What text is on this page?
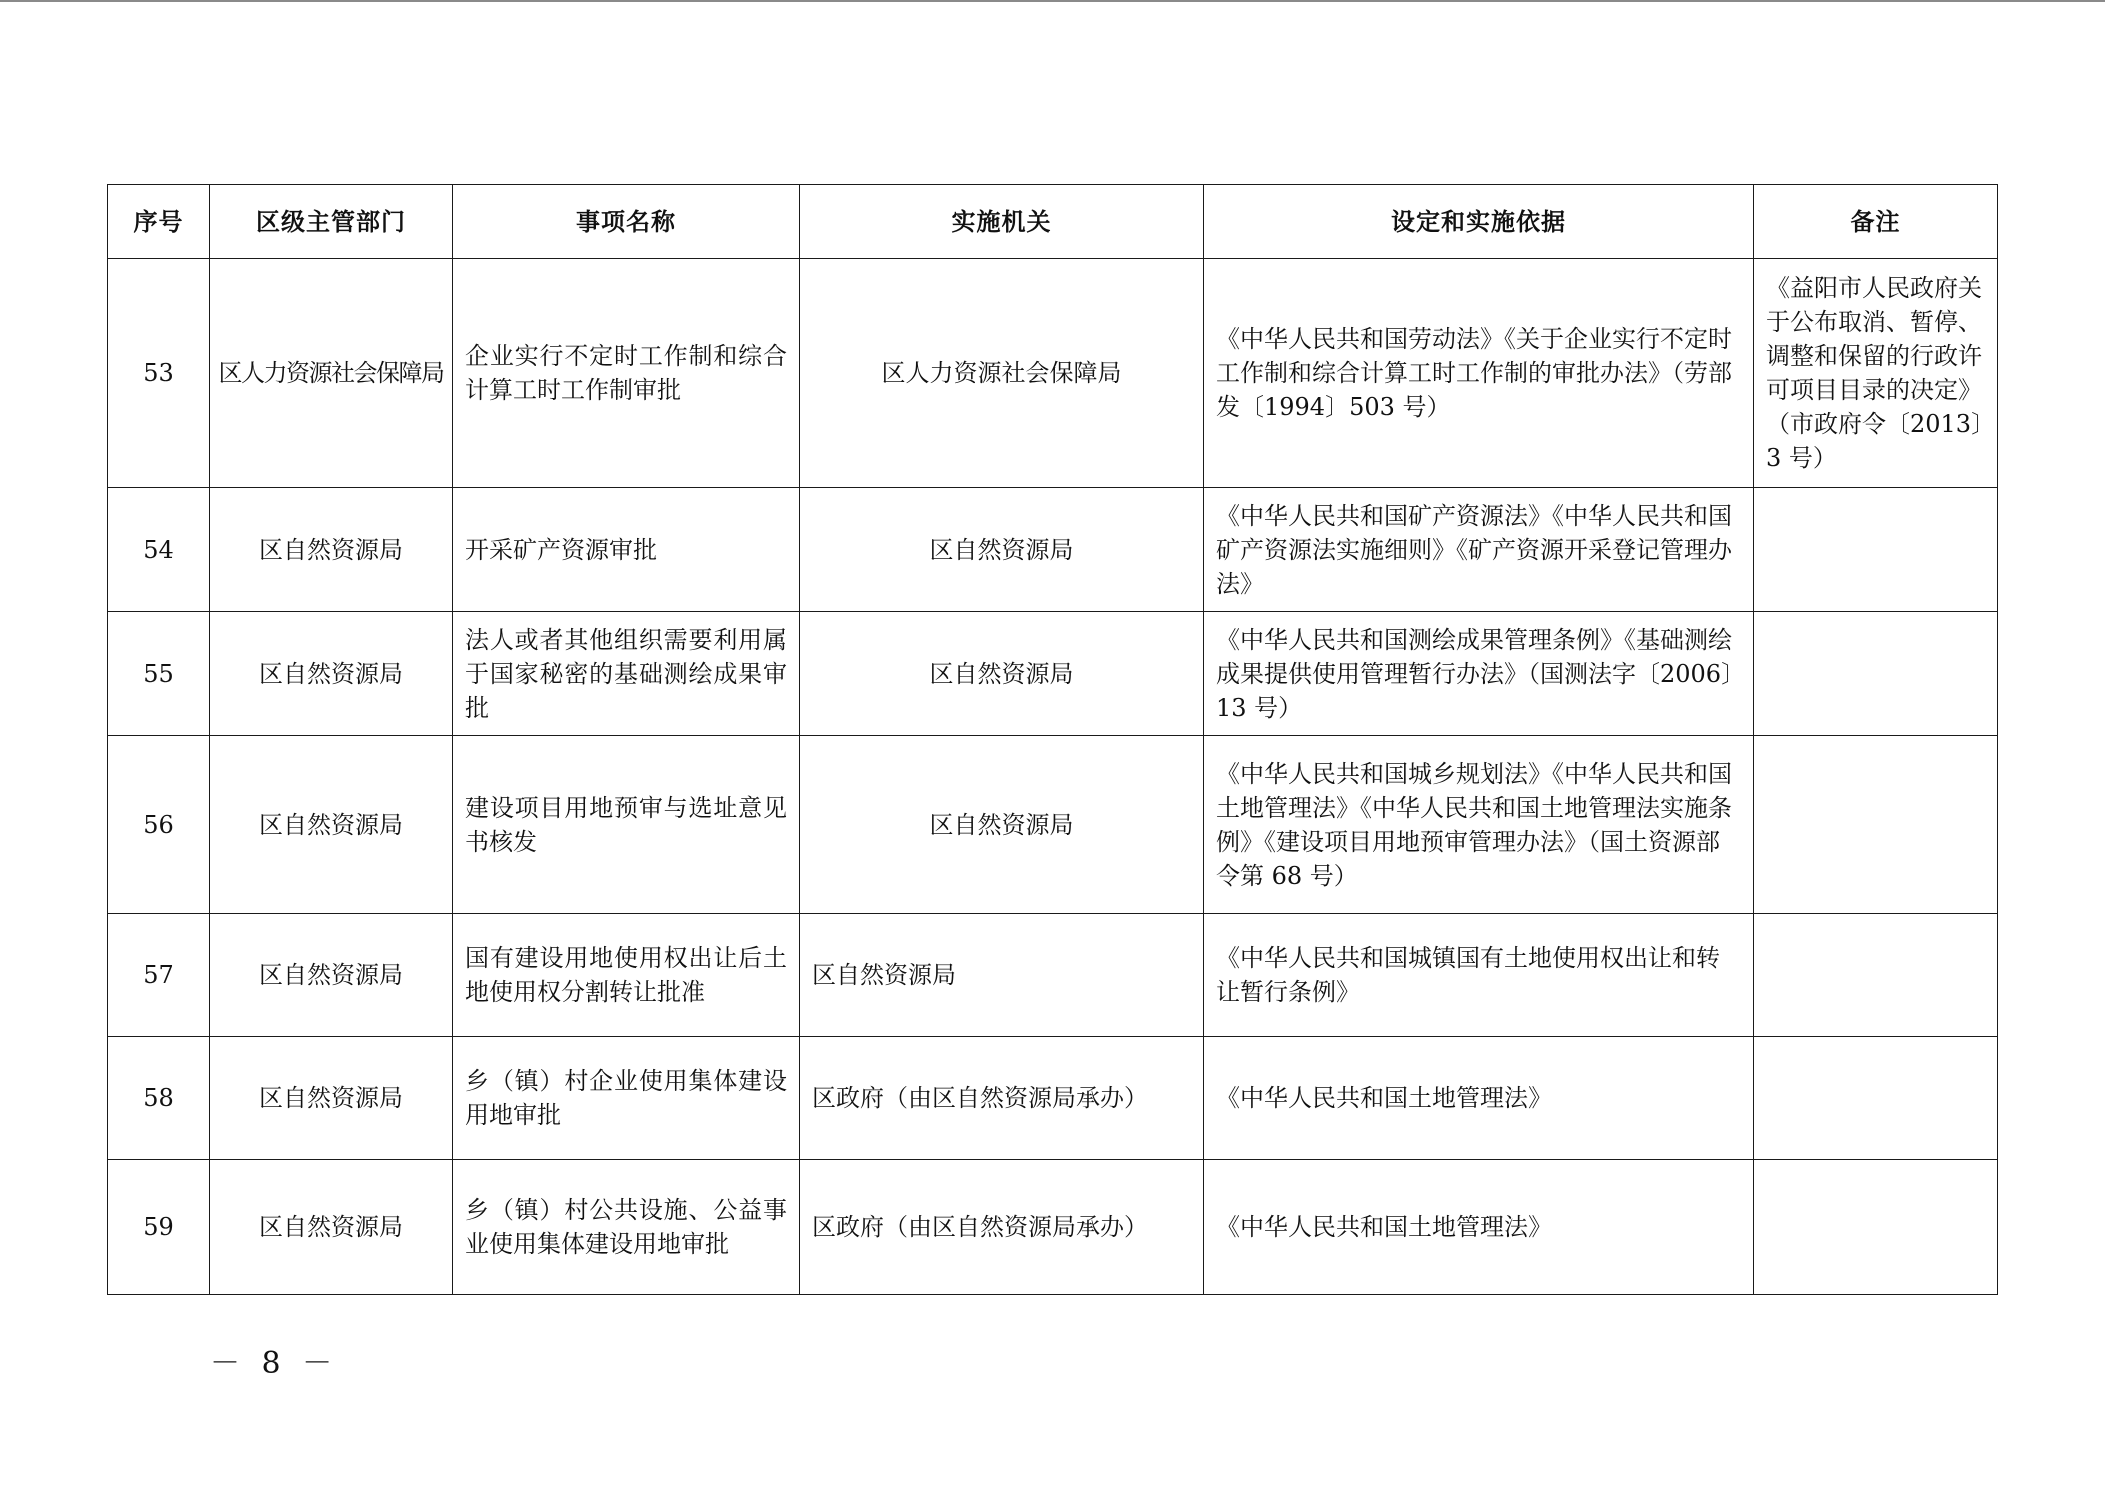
序号	区级主管部门	事项名称	实施机关	设定和实施依据	备注
53	区人力资源社会保障局	企业实行不定时工作制和综合计算工时工作制审批	区人力资源社会保障局	《中华人民共和国劳动法》《关于企业实行不定时工作制和综合计算工时工作制的审批办法》（劳部发〔1994〕503 号）	《益阳市人民政府关于公布取消、暂停、调整和保留的行政许可项目目录的决定》（市政府令〔2013〕3 号）
54	区自然资源局	开采矿产资源审批	区自然资源局	《中华人民共和国矿产资源法》《中华人民共和国矿产资源法实施细则》《矿产资源开采登记管理办法》	
55	区自然资源局	法人或者其他组织需要利用属于国家秘密的基础测绘成果审批	区自然资源局	《中华人民共和国测绘成果管理条例》《基础测绘成果提供使用管理暂行办法》（国测法字〔2006〕13 号）	
56	区自然资源局	建设项目用地预审与选址意见书核发	区自然资源局	《中华人民共和国城乡规划法》《中华人民共和国土地管理法》《中华人民共和国土地管理法实施条例》《建设项目用地预审管理办法》（国土资源部令第 68 号）	
57	区自然资源局	国有建设用地使用权出让后土地使用权分割转让批准	区自然资源局	《中华人民共和国城镇国有土地使用权出让和转让暂行条例》	
58	区自然资源局	乡（镇）村企业使用集体建设用地审批	区政府（由区自然资源局承办）	《中华人民共和国土地管理法》	
59	区自然资源局	乡（镇）村公共设施、公益事业使用集体建设用地审批	区政府（由区自然资源局承办）	《中华人民共和国土地管理法》	
－ 8 －
